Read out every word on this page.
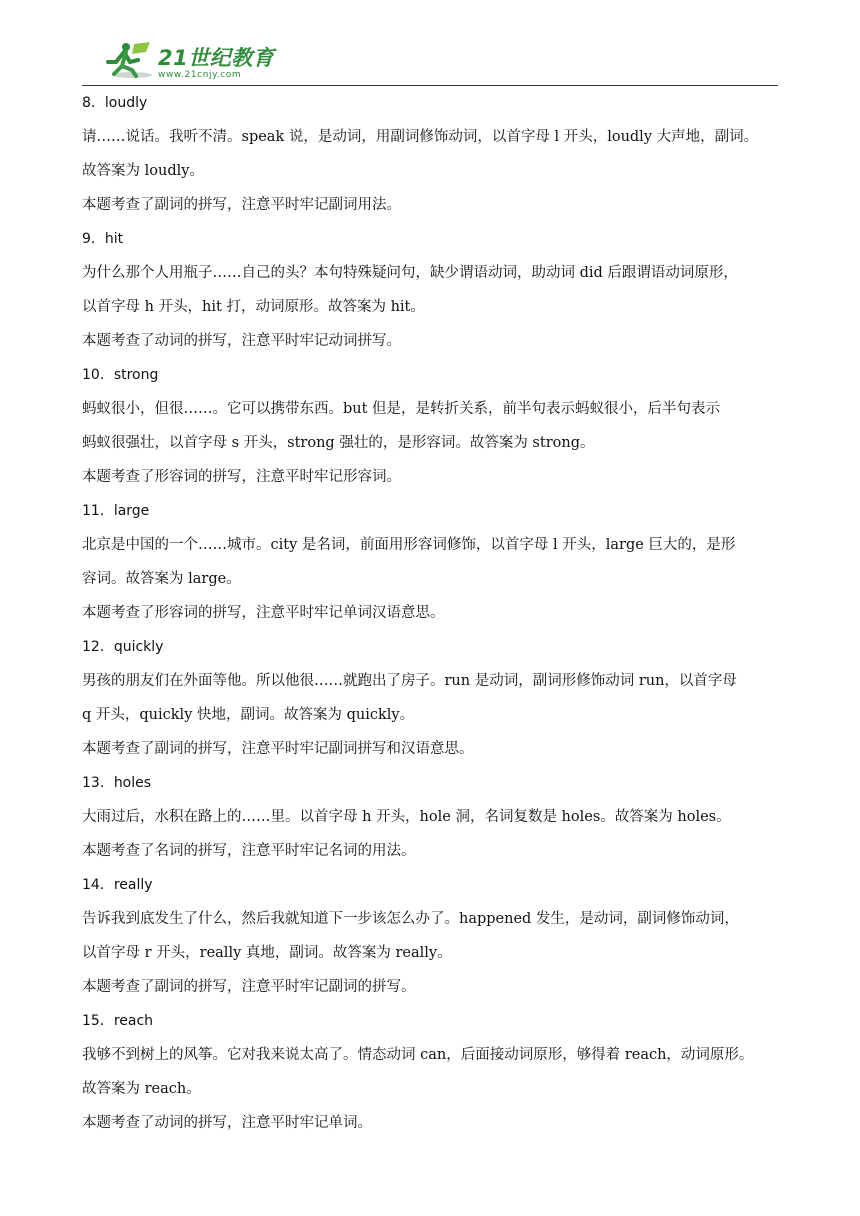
21世纪教育
www.21cnjy.com
8．loudly
请……说话。我听不清。speak 说，是动词，用副词修饰动词，以首字母 l 开头，loudly 大声地，副词。
故答案为 loudly。
本题考查了副词的拼写，注意平时牢记副词用法。
9．hit
为什么那个人用瓶子……自己的头？本句特殊疑问句，缺少谓语动词，助动词 did 后跟谓语动词原形，
以首字母 h 开头，hit 打，动词原形。故答案为 hit。
本题考查了动词的拼写，注意平时牢记动词拼写。
10．strong
蚂蚁很小，但很……。它可以携带东西。but 但是，是转折关系，前半句表示蚂蚁很小，后半句表示
蚂蚁很强壮，以首字母 s 开头，strong 强壮的，是形容词。故答案为 strong。
本题考查了形容词的拼写，注意平时牢记形容词。
11．large
北京是中国的一个……城市。city 是名词，前面用形容词修饰，以首字母 l 开头，large 巨大的，是形
容词。故答案为 large。
本题考查了形容词的拼写，注意平时牢记单词汉语意思。
12．quickly
男孩的朋友们在外面等他。所以他很……就跑出了房子。run 是动词，副词形修饰动词 run，以首字母
q 开头，quickly 快地，副词。故答案为 quickly。
本题考查了副词的拼写，注意平时牢记副词拼写和汉语意思。
13．holes
大雨过后，水积在路上的……里。以首字母 h 开头，hole 洞，名词复数是 holes。故答案为 holes。
本题考查了名词的拼写，注意平时牢记名词的用法。
14．really
告诉我到底发生了什么，然后我就知道下一步该怎么办了。happened 发生，是动词，副词修饰动词，
以首字母 r 开头，really 真地，副词。故答案为 really。
本题考查了副词的拼写，注意平时牢记副词的拼写。
15．reach
我够不到树上的风筝。它对我来说太高了。情态动词 can，后面接动词原形，够得着 reach，动词原形。
故答案为 reach。
本题考查了动词的拼写，注意平时牢记单词。
